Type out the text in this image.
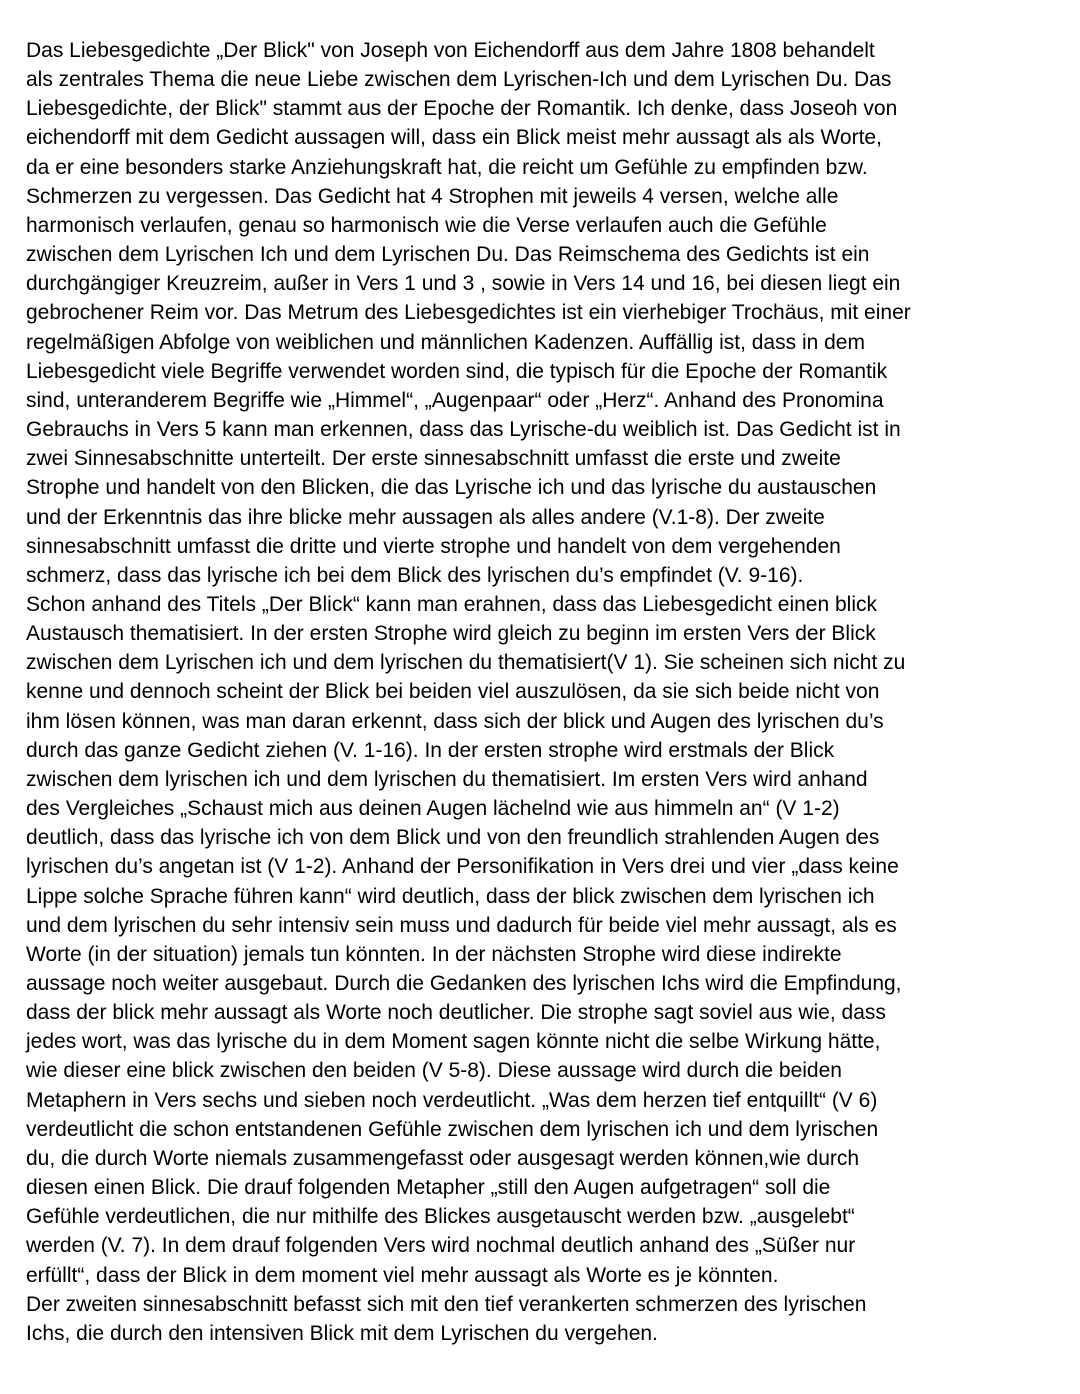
Das Liebesgedichte „Der Blick" von Joseph von Eichendorff aus dem Jahre 1808 behandelt
als zentrales Thema die neue Liebe zwischen dem Lyrischen-Ich und dem Lyrischen Du. Das
Liebesgedichte, der Blick" stammt aus der Epoche der Romantik. Ich denke, dass Joseoh von
eichendorff mit dem Gedicht aussagen will, dass ein Blick meist mehr aussagt als als Worte,
da er eine besonders starke Anziehungskraft hat, die reicht um Gefühle zu empfinden bzw.
Schmerzen zu vergessen. Das Gedicht hat 4 Strophen mit jeweils 4 versen, welche alle
harmonisch verlaufen, genau so harmonisch wie die Verse verlaufen auch die Gefühle
zwischen dem Lyrischen Ich und dem Lyrischen Du. Das Reimschema des Gedichts ist ein
durchgängiger Kreuzreim, außer in Vers 1 und 3 , sowie in Vers 14 und 16, bei diesen liegt ein
gebrochener Reim vor. Das Metrum des Liebesgedichtes ist ein vierhebiger Trochäus, mit einer
regelmäßigen Abfolge von weiblichen und männlichen Kadenzen. Auffällig ist, dass in dem
Liebesgedicht viele Begriffe verwendet worden sind, die typisch für die Epoche der Romantik
sind, unteranderem Begriffe wie „Himmel“, „Augenpaar“ oder „Herz“. Anhand des Pronomina
Gebrauchs in Vers 5 kann man erkennen, dass das Lyrische-du weiblich ist. Das Gedicht ist in
zwei Sinnesabschnitte unterteilt. Der erste sinnesabschnitt umfasst die erste und zweite
Strophe und handelt von den Blicken, die das Lyrische ich und das lyrische du austauschen
und der Erkenntnis das ihre blicke mehr aussagen als alles andere (V.1-8). Der zweite
sinnesabschnitt umfasst die dritte und vierte strophe und handelt von dem vergehenden
schmerz, dass das lyrische ich bei dem Blick des lyrischen du’s empfindet (V. 9-16).
Schon anhand des Titels „Der Blick“ kann man erahnen, dass das Liebesgedicht einen blick
Austausch thematisiert. In der ersten Strophe wird gleich zu beginn im ersten Vers der Blick
zwischen dem Lyrischen ich und dem lyrischen du thematisiert(V 1). Sie scheinen sich nicht zu
kenne und dennoch scheint der Blick bei beiden viel auszulösen, da sie sich beide nicht von
ihm lösen können, was man daran erkennt, dass sich der blick und Augen des lyrischen du’s
durch das ganze Gedicht ziehen (V. 1-16). In der ersten strophe wird erstmals der Blick
zwischen dem lyrischen ich und dem lyrischen du thematisiert. Im ersten Vers wird anhand
des Vergleiches „Schaust mich aus deinen Augen lächelnd wie aus himmeln an“ (V 1-2)
deutlich, dass das lyrische ich von dem Blick und von den freundlich strahlenden Augen des
lyrischen du’s angetan ist (V 1-2). Anhand der Personifikation in Vers drei und vier „dass keine
Lippe solche Sprache führen kann“ wird deutlich, dass der blick zwischen dem lyrischen ich
und dem lyrischen du sehr intensiv sein muss und dadurch für beide viel mehr aussagt, als es
Worte (in der situation) jemals tun könnten. In der nächsten Strophe wird diese indirekte
aussage noch weiter ausgebaut. Durch die Gedanken des lyrischen Ichs wird die Empfindung,
dass der blick mehr aussagt als Worte noch deutlicher. Die strophe sagt soviel aus wie, dass
jedes wort, was das lyrische du in dem Moment sagen könnte nicht die selbe Wirkung hätte,
wie dieser eine blick zwischen den beiden (V 5-8). Diese aussage wird durch die beiden
Metaphern in Vers sechs und sieben noch verdeutlicht. „Was dem herzen tief entquillt“ (V 6)
verdeutlicht die schon entstandenen Gefühle zwischen dem lyrischen ich und dem lyrischen
du, die durch Worte niemals zusammengefasst oder ausgesagt werden können,wie durch
diesen einen Blick. Die drauf folgenden Metapher „still den Augen aufgetragen“ soll die
Gefühle verdeutlichen, die nur mithilfe des Blickes ausgetauscht werden bzw. „ausgelebt“
werden (V. 7). In dem drauf folgenden Vers wird nochmal deutlich anhand des „Süßer nur
erfüllt“, dass der Blick in dem moment viel mehr aussagt als Worte es je könnten.
Der zweiten sinnesabschnitt befasst sich mit den tief verankerten schmerzen des lyrischen
Ichs, die durch den intensiven Blick mit dem Lyrischen du vergehen.
